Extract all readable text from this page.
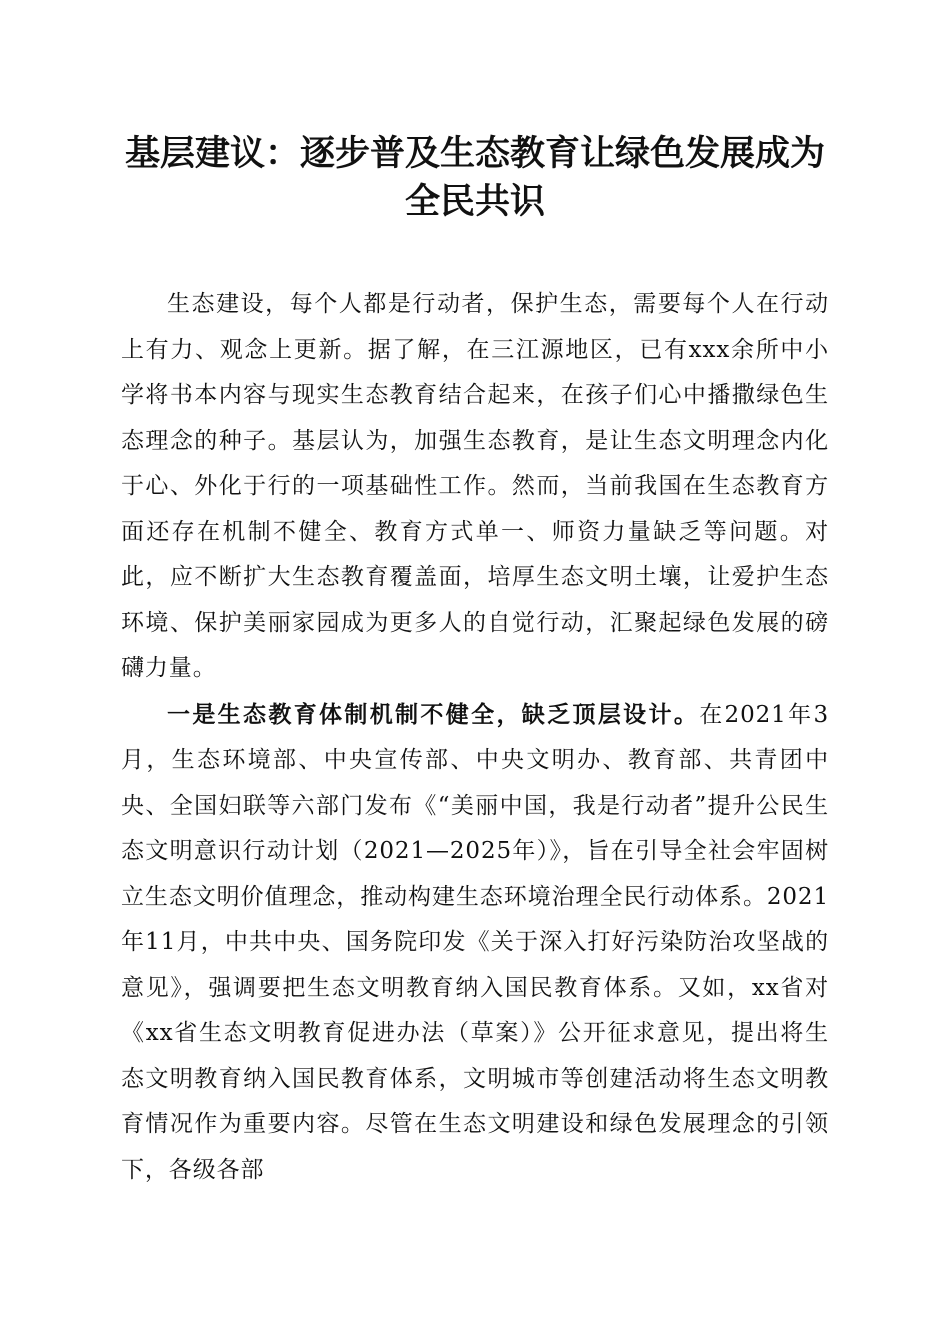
基层建议：逐步普及生态教育让绿色发展成为
全民共识

生态建设，每个人都是行动者，保护生态，需要每个人在行动上有力、观念上更新。据了解，在三江源地区，已有xxx余所中小学将书本内容与现实生态教育结合起来，在孩子们心中播撒绿色生态理念的种子。基层认为，加强生态教育，是让生态文明理念内化于心、外化于行的一项基础性工作。然而，当前我国在生态教育方面还存在机制不健全、教育方式单一、师资力量缺乏等问题。对此，应不断扩大生态教育覆盖面，培厚生态文明土壤，让爱护生态环境、保护美丽家园成为更多人的自觉行动，汇聚起绿色发展的磅礴力量。

一是生态教育体制机制不健全，缺乏顶层设计。在2021年3月，生态环境部、中央宣传部、中央文明办、教育部、共青团中央、全国妇联等六部门发布《“美丽中国，我是行动者”提升公民生态文明意识行动计划（2021—2025年）》，旨在引导全社会牢固树立生态文明价值理念，推动构建生态环境治理全民行动体系。2021年11月，中共中央、国务院印发《关于深入打好污染防治攻坚战的意见》，强调要把生态文明教育纳入国民教育体系。又如，xx省对《xx省生态文明教育促进办法（草案）》公开征求意见，提出将生态文明教育纳入国民教育体系，文明城市等创建活动将生态文明教育情况作为重要内容。尽管在生态文明建设和绿色发展理念的引领下，各级各部
